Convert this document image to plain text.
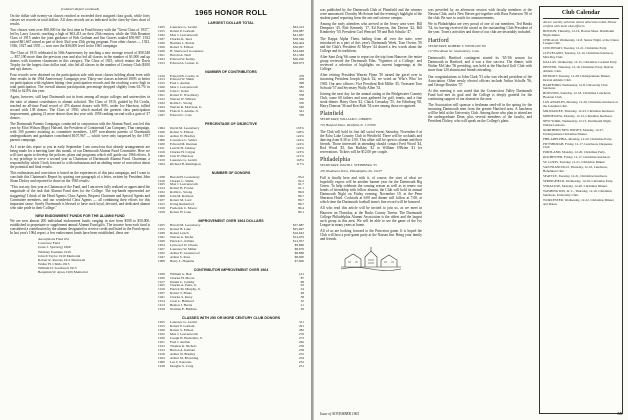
(Cabinet's Report continued)

On the dollar side twenty-six classes reached or exceeded their assigned class goals, while forty classes set records in total dollars. All class records are as indicated in the class-by-class chart of results.

Two classes went over $50,000 for the first time in Fund history with the "Great Class of 1937," led by Larry Leavitt, reaching a high of $63,413 on their 25th reunion, while the 50th Reunion Class of 1915 under the joint guidance of Bob Gorham and Jim Graves totaled $59,987. 1932 raised $61,667 raised as part of their 33rd year 25th giving program. Four other classes — 1923, 1926, 1927 and 1935 — won over the $36,000 level in the 1965 campaign.

The Class of 1915 celebrated its 50th Anniversary by reaching a new average record of $58,548 — $57,190 more than the previous year and also led all classes in the number of $1,000 and up donors with fourteen classmates in this category. The Class of 1925, which retains the Davis Trophy for the largest class dollar total, also led all classes in the number of Century Club ($100 and up) donors.

Four records were obtained on the participation side with most classes holding about even with their results in the 1964 Anniversary Campaign year. Thirty-one classes achieved 100% or better on participation with eighteen hitting clear participation records and the reaching a new high in total participation. The overall alumni participation percentage dropped slightly from 63.7% in 1964 to 62.8% this year.

Again, however, still kept Dartmouth out in front among all major colleges and universities in the ratio of alumni contributors to alumni solicited. The Class of 1910, guided by Ed Cordis, reached an all-time Fund record of 476 alumni donors with 90%, under Joe Harrison, tallied second with 138 donors. The Class of 1930, which marked the greatest class participation improvement, gaining 21 more donors than last year with 1058 ranking second with a gain of 37 donors.

The Dartmouth Parents Campaign, conducted in conjunction with the Alumni Fund, was led this year by Eliot Wilson (Ripy) Halsted, the President of Continental Can Company. That campaign, with 100 parents assisting as committee members, 1,697 non-alumni parents of Dartmouth undergraduates and graduates contributed $107,967 — which were only surpassed by the 1957 parents campaign.

As I write this report to you in early September I am conscious that already arrangements are being made for a meeting later this month, of our Dartmouth Alumni Fund Committee. Here we will start again to develop the policies, plans and programs which will guide our 1966 efforts. It is my privilege to serve a second year as Chairman of Dartmouth Alumni Fund. Chairman, a responsibility which I look forward to with enthusiasm and an abiding sense of conviction about the potential and final results.

This enthusiasm and conviction is based on the experiences of this past campaign, and I want to conclude this Chairman's Report by quoting one paragraph of a letter, written by President John Sloan Dickey and reported to those on the 1965 results:

"This was my first year as Chairman of the Fund, and I am never fully realized or appreciated the magnitude of the task that Alumni Fund does for the College. The top-hands represented are staggering! I think of the Head Agents, Class Agents, Bequest Chairmen and Special Agents and Committee members, and our wonderful Class Agents — all combining their efforts for this important cause. Surely Dartmouth is blessed to have such loyal, devoted, and dedicated alumni who take pride in their College."

NEW ENDOWMENT FUNDS FOR THE ALUMNI FUND

We are now almost 200 individual endowment funds, ranging in size from $500 to $50,000, established to perpetuate or supplement annual Alumni Fund gifts. The income from each fund is considered a contribution by the alumni designated to receive credit and listed in the Fund report. In last year's 1964 report, a few endowment funds have been established, these are:

Anonymous Fund #31
Lawrence Fund
Jonas J. Sjorbergj 1900
Whitney Eastman 1910
John P. Taylor 1910 Memorial
Robert R. Rawles 1911 Memorial
Walter H. Childs 1913
William D. Southwell 1913
Benjamin W. Ayres 1929 Memorial
1965 HONOR ROLL
LARGEST DOLLAR TOTAL
1925	Laurence G. Leavitt	$63,413
1915	Robert P. Gorham	$59,987
1932	Max J. Leavenworth	$41,667
1937	Charles R. Teed	$38,546
1930	Herman L. Preble	$36,404
1926	Robert S. Ellison	$36,097
1920	H. Sherwood Goodenow	$34,648
1921	Harold A. Nedt	$31,569
1923	Edward W. Kelley	$30,200
1913	Edward A. Larner, Jr.	$28,973
NUMBER OF CONTRIBUTORS
1910	Edward B. Cordis, Jr.	476
1913	Edward W. Smith	458
1915	Fred J. Andrus	398
1926	Max J. Leavenworth	382
1920	John C. Kohn	361
1921	Robert E. Woodberry	358
1912	Warren W. Willard	350
1932	Rollin L. Strong	350
1924	Warren R. Morrison, Jr.	346
1926	Francis S. Adams, Jr.	341
1947	Edward C. Cole	339
PERCENTAGE OF OBJECTIVE
1964	David M. Leonsberry	133%
1926	Robert S. Ellison	128%
1941	Arthur W. Bradley	124%
1906	Lawrence C. Seidel	124%
1920	Edward M. Kiernan	124%
1911	Leavitt H. Lindsay	123%
1916	Charles H. Colgan	123%
1902	Jack W. Harrison	121%
1919	Laurence G. Leavitt	118%
1924	Richard B. Remington	117%
NUMBER OF DONORS
1938	Harold H. Leonsberry	93.2
1916	Charles C. Smith	92.2
1925	Max J. Leavenworth	91.7
1914	Robert B. Fowler	91.1
1932	Rollin L. Strong	89.9
1908	John M. Robison	89.7
1937	Robert M. Lord	89.7
1915	Irving Rutherford	89.7
1916	Frederick C. Moore	89.4
1919	Robert H. Lane	89.1
IMPROVEMENT OVER 1964 DOLLARS
1925	Harold M. Leonsberry	$37,987
1915	Robert B. Lake	$25,097
1939	Robert Lynch	$16,643
1941	Warren G. Kiefer	$14,979
1926	Patrick C. Kilrain	$12,957
1954	Lynwood W. Owens	$9,860
1927	Laurence W. Miller	$8,976
1932	Arthur E. Greenwood	$8,866
1947	Arthur S. Ross	$8,000
1908	Harry L. Hopkins	$7,900
CONTRIBUTOR IMPROVEMENT OVER 1964
1958	William G. Batt	101
1930	Charles H. Moore	87
1917	Daniel C. Cudahy	68
1925	Charles A. Fenn, Jr.	63
1916	Patrick M. Murphy, Jr.	54
1937	Robert T. Bruns	48
1941	Charles S. Peery	38
1914	Crest L. Hubbard	32
1913	Benton J. Harris	21
1916	Norman E. Bubbles	29
CLASSES WITH 250 OR MORE CENTURY CLUB DONORS
1925	Laurence G. Leavitt	311
1915	Robert P. Gorham	291
1926	Robert S. Ellison	282
1932	Max J. Leavenworth	279
1930	Joseph H. Bachelder, Jr.	273
1921	Fred J. Andrus	262
1912	Thomas K. Nichols	259
1914	Burton A. Kaitaler	258
1916	Arthur W. Bradley	255
1924	Arthur M. Browning	254
1906	Lee T. Knowles	252
1918	Douglas S. Craig	251

was published by the Dartmouth Club of Plainfield and the winners were announced. Dorothy McAvinue had the evening's highlight of the student panel reporting from the arts and science campus.

Among the early attendees who arrived at the Jersey area were: Bill Dempster '45, Bob Kennedy '17, Ed Kenyon, Jim Dorion '42, Bill Kimberley '50, President Carl Wenczel '58 and Bob Schultz '47.

The Kappa Alpha Theta, hailing from all over the state, were introduced as a part of this year's Dartmouth Week. Tom Owens '50 and the Club's President Al Meyer '44 shared a few words about the College and its traditions.

After Sam Zeig '66 came to report on the trip from Hanover, the entire group reviewed the Dartmouth Film, 'Vignettes of a College,' and reviewed a selection of highlights on current happenings at the College.

After retiring President Warren Flynn '30 turned the gavel over to incoming President Joseph Quick '42, we voted on 'Who's Who' for 1965. Our new officers: Vice President Bob Miller '45, Treasurer Tom Schwab '57 and Secretary Wally Allen '33.

Joining the next day for the annual outing at the Bridgewater Country Club, some 60 fathers and sons gathered for golf, tennis, and a fine steak dinner. Harry Oren '42, Chuck Cassaday '55, Joe Edinburg '60, Harry Duncan '36 and Ken Rule '54 were among those recognized.

Plainfield

SECRETARY, WILLIAM C. OBRIEN

710 Hanford Place, Westfield, N. J. 07090

The Club will hold its first fall social event, Saturday, November 6 at the Echo Lake Country Club in Westfield. There will be cocktails and dancing from 8:30 to 1:00. This affair will be open to alumni and their friends. Those interested in attending should contact Fred Wood '44, Rod Wood '45, Jim Bulkley '42 or William O'Brien '41 for reservations. Tickets will be $12.00 per couple.

Philadelphia

SECRETARY, DAVID J. STEINBERG '55

476 Woodmont Drive, Philadelphia, Pa. 19107

Fall is finally here and with it, of course, the start of what we hopefully expect will be another banner year for the Dartmouth Big Green. To help celebrate the coming season as well as to renew our bonds of friendship with fellow alumni, the Club will hold its annual Dartmouth Night on Friday evening, November 19, at the Penn Sheraton Hotel. Cocktails at 6:00 and dinner will follow at 7:00, at which time the Dartmouth football team's fine record will be honored.

All who read this article will be invited to join us, as we meet in Hanover on Thursday, at the Bucks County Tavern. The Dartmouth College Philadelphia Alumni Association is the oldest and the largest such group in this area. We will be able to see the game of the Ivy League in many years at home.

All of us are looking forward to the Princeton game. It is hoped the Club will host a post-game party at the Nassau Inn. Bring your family and friends.

was preceded by an afternoon session with faculty members at the Nassau Club, and a New Haven get-together with Russ Patterson '58 of the club. Be sure to watch for announcements.

We in Philadelphia are very proud of one of our members, Ted Hanks '34, for having received the award as the outstanding Club President of the year. Town's activities and those of our club are invariably included.

Hartford

SECRETARY, ROBERT S. WINSLOW '60

117 Pine Road, So. Glastonbury, Conn.

Dartmouth's Hartford contingent started its '65-'66 season for Dartmouth in Hartford, and it was a fine success. The dinner, with Walter McCabe '56 presiding, was held at the Hartford Golf Club with more than 120 alumni and friends attending.

Our congratulations to John Clark '53 who was elected president of the Association. Other newly elected officers include Arthur Scholle '56, and George Rossiter '57.

At this meeting it was noted that the Connecticut Valley Dartmouth Fund had met its goal and the College is deeply grateful for the continuing support of our alumni in the area.

The Association will sponsor a freshman send-off in the spring for the incoming Dartmouth men from the greater Hartford area. A luncheon will be held at the University Club. Among those who plan to attend are the undergraduate Dean, plus several members of the faculty, and President Dickey, who will speak on the College's plans.

Club Calendar

All are warmly welcome unless otherwise noted. Please confirm with local club officers.

BOSTON, Thursday, 12-16, Boston Mass. Dartmouth Night dinner.

CHICAGO, Wednesday, 12-8, Senior Night, at the Union League Club.

CINCINNATI, Tuesday, 12-21, Christmas Party.

CLEVELAND, Tuesday, 12-14, Christmas luncheon, Mid-Day Club.

DALLAS, Wednesday, 12-15, Christmas Cocktail Party.

DENVER, Thursday, 12-16, Christmas Party, Denver Athletic Club.

DETROIT, Tuesday, 12-28, Undergraduate Dinner, Detroit Athletic Club.

HARTFORD, Wednesday, 12-8, University Club luncheon.

HOUSTON, Saturday, 12-18, Christmas Luncheon, Houston Club.

LOS ANGELES, Monday, 12-20, Christmas luncheon at the Jonathan Club.

MILWAUKEE, Thursday, 12-23, Christmas luncheon.

MINNESOTA, Monday, 12-13, Christmas luncheon.

NEW YORK, Wednesday, 12-15, Dartmouth Night, Waldorf-Astoria.

NORTHERN NEW JERSEY, Monday, 12-27, Undergraduate Christmas Dinner.

PHILADELPHIA, Monday, 12-20, Christmas Party.

PITTSBURGH, Friday, 12-17, Luncheon, Duquesne Club.

PORTLAND, Monday, 12-20, Christmas Party.

ROCHESTER, Friday, 12-17, Christmas luncheon.

ST. LOUIS, Tuesday, 12-21, Christmas Dinner.

SAN FRANCISCO, Thursday, 12-16, Luncheon, Bohemian Club.

SEATTLE, Tuesday, 12-21, Christmas luncheon.

SPRINGFIELD, Wednesday, 12-29, Christmas Party.

SYRACUSE, Monday, 12-20, Christmas Dinner.

WASHINGTON, D. C., Thursday, 12-16, Christmas luncheon, University Club.

WORCESTER, Wednesday, 12-22, Christmas Dinner and Dance.

Issue of NOVEMBER 1965	55
